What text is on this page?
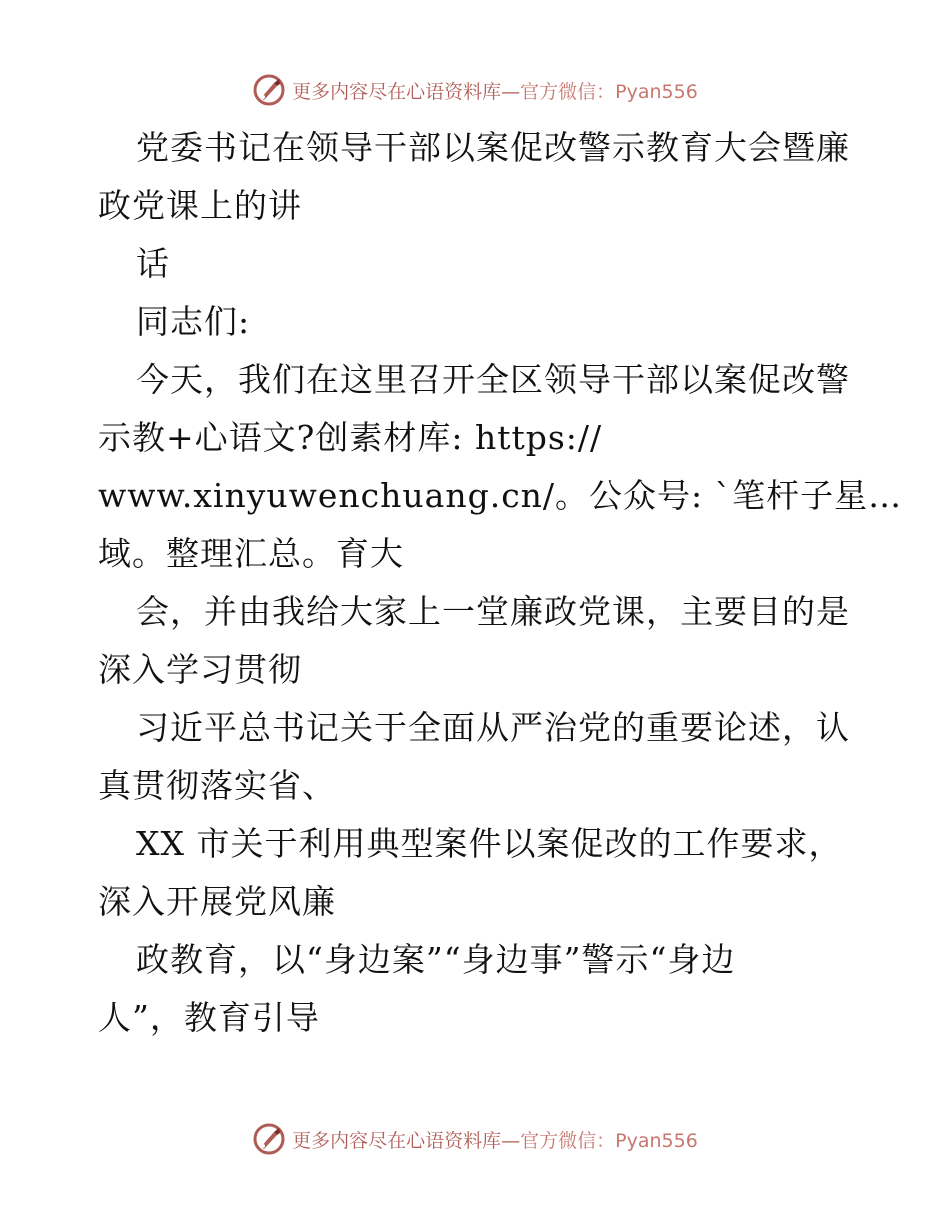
更多内容尽在心语资料库—官方微信：Pyan556
党委书记在领导干部以案促改警示教育大会暨廉
政党课上的讲
话
同志们:
今天，我们在这里召开全区领导干部以案促改警
示教+心语文?创素材库: https://
www.xinyuwenchuang.cn/。公众号: `笔杆子星…
域。整理汇总。育大
会，并由我给大家上一堂廉政党课，主要目的是
深入学习贯彻
习近平总书记关于全面从严治党的重要论述，认
真贯彻落实省、
XX 市关于利用典型案件以案促改的工作要求，
深入开展党风廉
政教育，以“身边案”“身边事”警示“身边
人”，教育引导
更多内容尽在心语资料库—官方微信：Pyan556
